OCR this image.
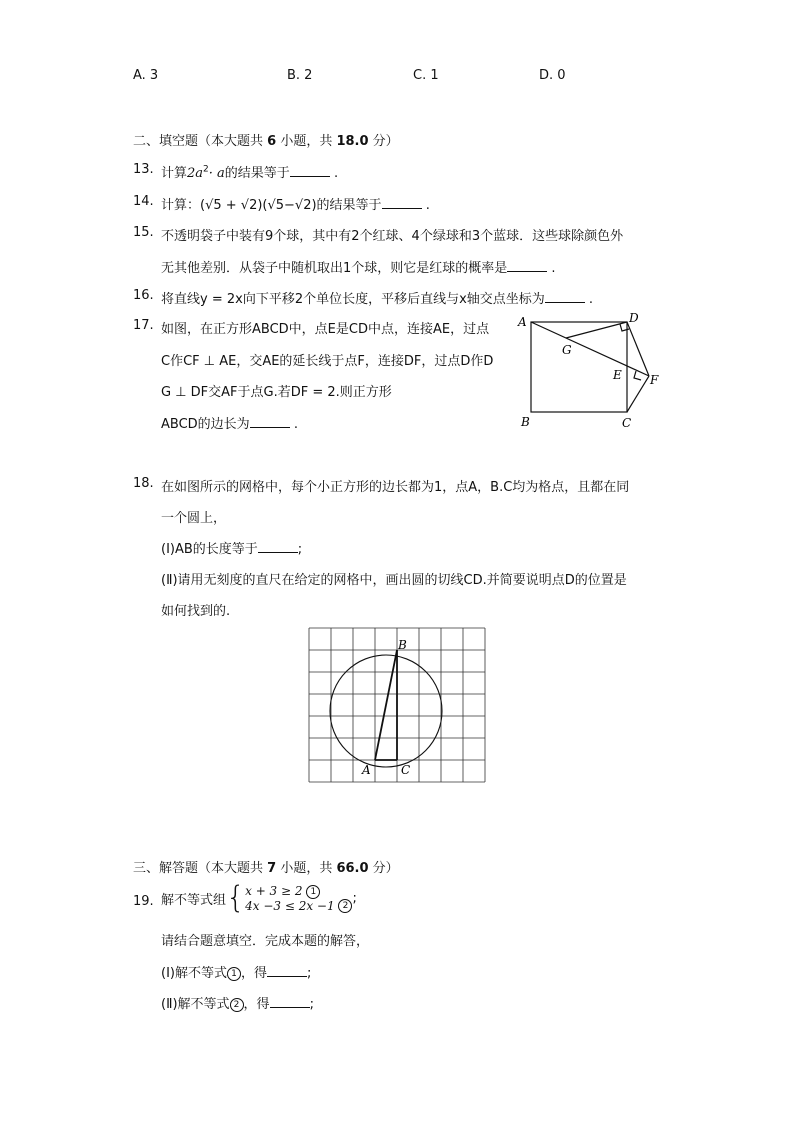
A. 3	B. 2	C. 1	D. 0
二、填空题（本大题共 6 小题，共 18.0 分）
13. 计算$2a^2\cdot a$的结果等于	.
14. 计算：(√5 + √2)(√5−√2)的结果等于	.
15. 不透明袋子中装有9个球，其中有2个红球、4个绿球和3个蓝球．这些球除颜色外
无其他差别．从袋子中随机取出1个球，则它是红球的概率是	.
16. 将直线y = 2x向下平移2个单位长度，平移后直线与x轴交点坐标为	.
17. 如图，在正方形ABCD中，点E是CD中点，连接AE，过点
C作CF ⊥ AE，交AE的延长线于点F，连接DF，过点D作D
G ⊥ DF交AF于点G.若DF = 2.则正方形
ABCD的边长为	.
A	D
G
E F
B	C
18. 在如图所示的网格中，每个小正方形的边长都为1，点A，B.C均为格点，且都在同
一个圆上，
(Ⅰ)AB的长度等于	;
(Ⅱ)请用无刻度的直尺在给定的网格中，画出圆的切线CD.并简要说明点D的位置是
如何找到的.
B
A	C
三、解答题（本大题共 7 小题，共 66.0 分）
19. 解不等式组{x + 3 ≥ 2 1
4x −3 ≤ 2x −1 2 ;
请结合题意填空．完成本题的解答，
(Ⅰ)解不等式 1 ，得	;
(Ⅱ)解不等式 2 ，得	;
